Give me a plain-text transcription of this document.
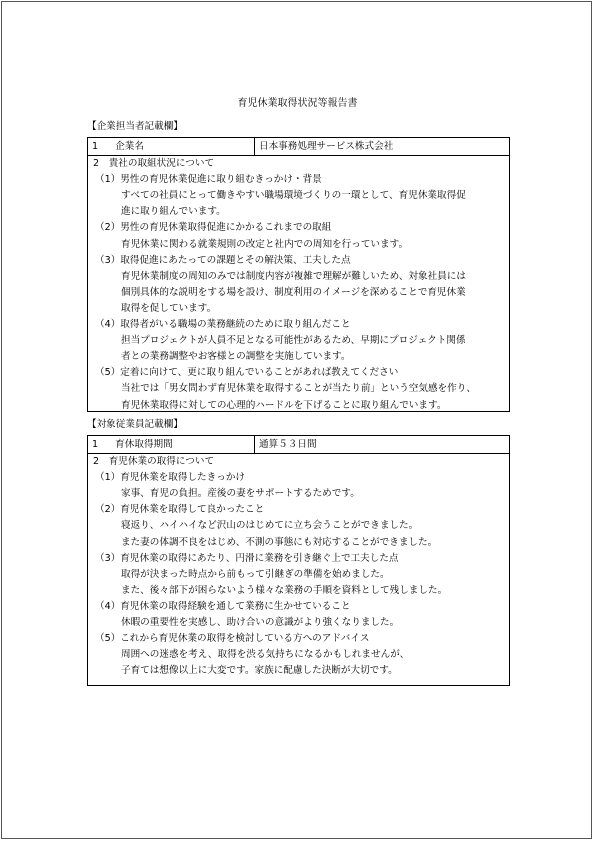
育児休業取得状況等報告書
【企業担当者記載欄】
1 企業名	日本事務処理サービス株式会社
2　貴社の取組状況について
（1）男性の育児休業促進に取り組むきっかけ・背景
すべての社員にとって働きやすい職場環境づくりの一環として、育児休業取得促
進に取り組んでいます。
（2）男性の育児休業取得促進にかかるこれまでの取組
育児休業に関わる就業規則の改定と社内での周知を行っています。
（3）取得促進にあたっての課題とその解決策、工夫した点
育児休業制度の周知のみでは制度内容が複雑で理解が難しいため、対象社員には
個別具体的な説明をする場を設け、制度利用のイメージを深めることで育児休業
取得を促しています。
（4）取得者がいる職場の業務継続のために取り組んだこと
担当プロジェクトが人員不足となる可能性があるため、早期にプロジェクト関係
者との業務調整やお客様との調整を実施しています。
（5）定着に向けて、更に取り組んでいることがあれば教えてください
当社では「男女問わず育児休業を取得することが当たり前」という空気感を作り、
育児休業取得に対しての心理的ハードルを下げることに取り組んでいます。
【対象従業員記載欄】
1 育休取得期間	通算５３日間
2　育児休業の取得について
（1）育児休業を取得したきっかけ
家事、育児の負担。産後の妻をサポートするためです。
（2）育児休業を取得して良かったこと
寝返り、ハイハイなど沢山のはじめてに立ち会うことができました。
また妻の体調不良をはじめ、不測の事態にも対応することができました。
（3）育児休業の取得にあたり、円滑に業務を引き継ぐ上で工夫した点
取得が決まった時点から前もって引継ぎの準備を始めました。
また、後々部下が困らないよう様々な業務の手順を資料として残しました。
（4）育児休業の取得経験を通して業務に生かせていること
休暇の重要性を実感し、助け合いの意識がより強くなりました。
（5）これから育児休業の取得を検討している方へのアドバイス
周囲への迷惑を考え、取得を渋る気持ちになるかもしれませんが、
子育ては想像以上に大変です。家族に配慮した決断が大切です。
